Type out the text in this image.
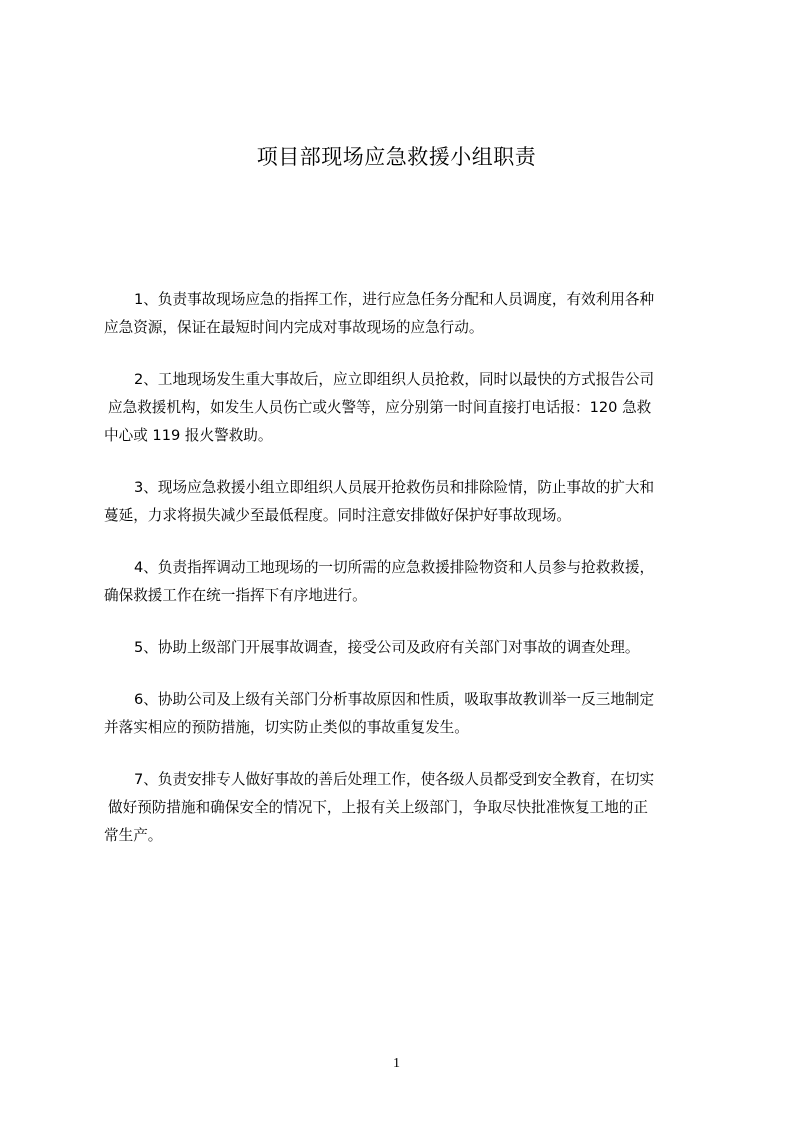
项目部现场应急救援小组职责

1、负责事故现场应急的指挥工作，进行应急任务分配和人员调度，有效利用各种
应急资源，保证在最短时间内完成对事故现场的应急行动。

2、工地现场发生重大事故后，应立即组织人员抢救，同时以最快的方式报告公司
应急救援机构，如发生人员伤亡或火警等，应分别第一时间直接打电话报：120 急救
中心或 119 报火警救助。

3、现场应急救援小组立即组织人员展开抢救伤员和排除险情，防止事故的扩大和
蔓延，力求将损失减少至最低程度。同时注意安排做好保护好事故现场。

4、负责指挥调动工地现场的一切所需的应急救援排险物资和人员参与抢救救援，
确保救援工作在统一指挥下有序地进行。

5、协助上级部门开展事故调查，接受公司及政府有关部门对事故的调查处理。

6、协助公司及上级有关部门分析事故原因和性质，吸取事故教训举一反三地制定
并落实相应的预防措施，切实防止类似的事故重复发生。

7、负责安排专人做好事故的善后处理工作，使各级人员都受到安全教育，在切实
做好预防措施和确保安全的情况下，上报有关上级部门，争取尽快批准恢复工地的正
常生产。

1
